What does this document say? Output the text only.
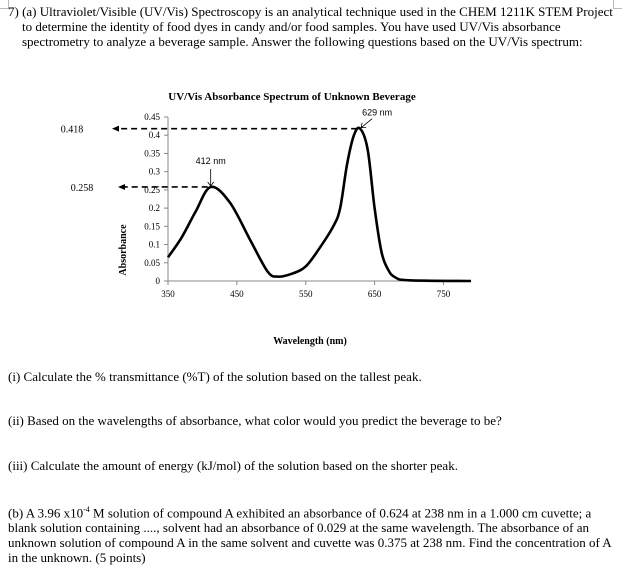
7) (a) Ultraviolet/Visible (UV/Vis) Spectroscopy is an analytical technique used in the CHEM 1211K STEM Project to determine the identity of food dyes in candy and/or food samples. You have used UV/Vis absorbance spectrometry to analyze a beverage sample. Answer the following questions based on the UV/Vis spectrum:

UV/Vis Absorbance Spectrum of Unknown Beverage
Wavelength (nm)
Absorbance
0
0.05
0.1
0.15
0.2
0.25
0.3
0.35
0.4
0.45
350	450	550	650	750
0.418
629 nm
0.258
412 nm

(i) Calculate the % transmittance (%T) of the solution based on the tallest peak.

(ii) Based on the wavelengths of absorbance, what color would you predict the beverage to be?

(iii) Calculate the amount of energy (kJ/mol) of the solution based on the shorter peak.

(b) A 3.96 $x10^{-4}$ M solution of compound A exhibited an absorbance of 0.624 at 238 nm in a 1.000 cm cuvette; a blank solution containing ...., solvent had an absorbance of 0.029 at the same wavelength. The absorbance of an unknown solution of compound A in the same solvent and cuvette was 0.375 at 238 nm. Find the concentration of A in the unknown. (5 points)
